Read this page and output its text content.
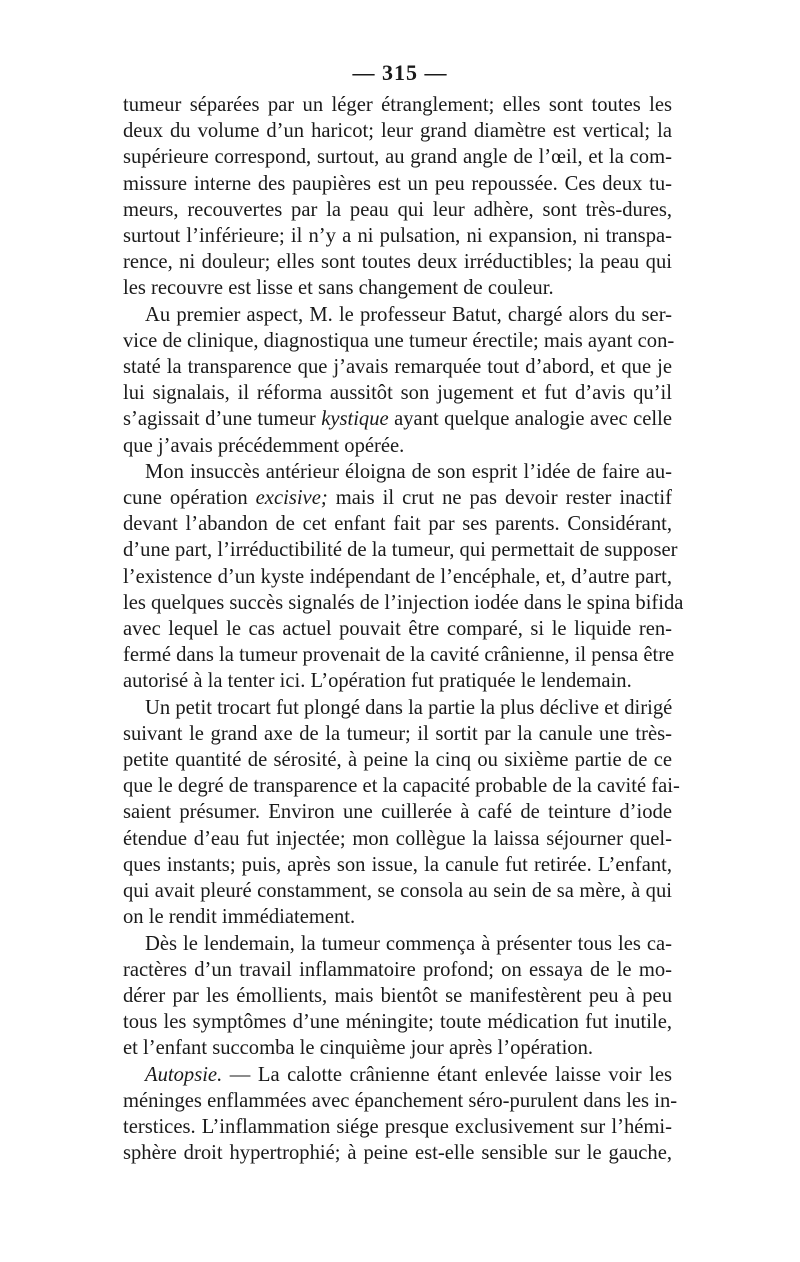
— 315 —
tumeur séparées par un léger étranglement; elles sont toutes les
deux du volume d’un haricot; leur grand diamètre est vertical; la
supérieure correspond, surtout, au grand angle de l’œil, et la com-
missure interne des paupières est un peu repoussée. Ces deux tu-
meurs, recouvertes par la peau qui leur adhère, sont très-dures,
surtout l’inférieure; il n’y a ni pulsation, ni expansion, ni transpa-
rence, ni douleur; elles sont toutes deux irréductibles; la peau qui
les recouvre est lisse et sans changement de couleur.
Au premier aspect, M. le professeur Batut, chargé alors du ser-
vice de clinique, diagnostiqua une tumeur érectile; mais ayant con-
staté la transparence que j’avais remarquée tout d’abord, et que je
lui signalais, il réforma aussitôt son jugement et fut d’avis qu’il
s’agissait d’une tumeur kystique ayant quelque analogie avec celle
que j’avais précédemment opérée.
Mon insuccès antérieur éloigna de son esprit l’idée de faire au-
cune opération excisive; mais il crut ne pas devoir rester inactif
devant l’abandon de cet enfant fait par ses parents. Considérant,
d’une part, l’irréductibilité de la tumeur, qui permettait de supposer
l’existence d’un kyste indépendant de l’encéphale, et, d’autre part,
les quelques succès signalés de l’injection iodée dans le spina bifida
avec lequel le cas actuel pouvait être comparé, si le liquide ren-
fermé dans la tumeur provenait de la cavité crânienne, il pensa être
autorisé à la tenter ici. L’opération fut pratiquée le lendemain.
Un petit trocart fut plongé dans la partie la plus déclive et dirigé
suivant le grand axe de la tumeur; il sortit par la canule une très-
petite quantité de sérosité, à peine la cinq ou sixième partie de ce
que le degré de transparence et la capacité probable de la cavité fai-
saient présumer. Environ une cuillerée à café de teinture d’iode
étendue d’eau fut injectée; mon collègue la laissa séjourner quel-
ques instants; puis, après son issue, la canule fut retirée. L’enfant,
qui avait pleuré constamment, se consola au sein de sa mère, à qui
on le rendit immédiatement.
Dès le lendemain, la tumeur commença à présenter tous les ca-
ractères d’un travail inflammatoire profond; on essaya de le mo-
dérer par les émollients, mais bientôt se manifestèrent peu à peu
tous les symptômes d’une méningite; toute médication fut inutile,
et l’enfant succomba le cinquième jour après l’opération.
Autopsie. — La calotte crânienne étant enlevée laisse voir les
méninges enflammées avec épanchement séro-purulent dans les in-
terstices. L’inflammation siége presque exclusivement sur l’hémi-
sphère droit hypertrophié; à peine est-elle sensible sur le gauche,
